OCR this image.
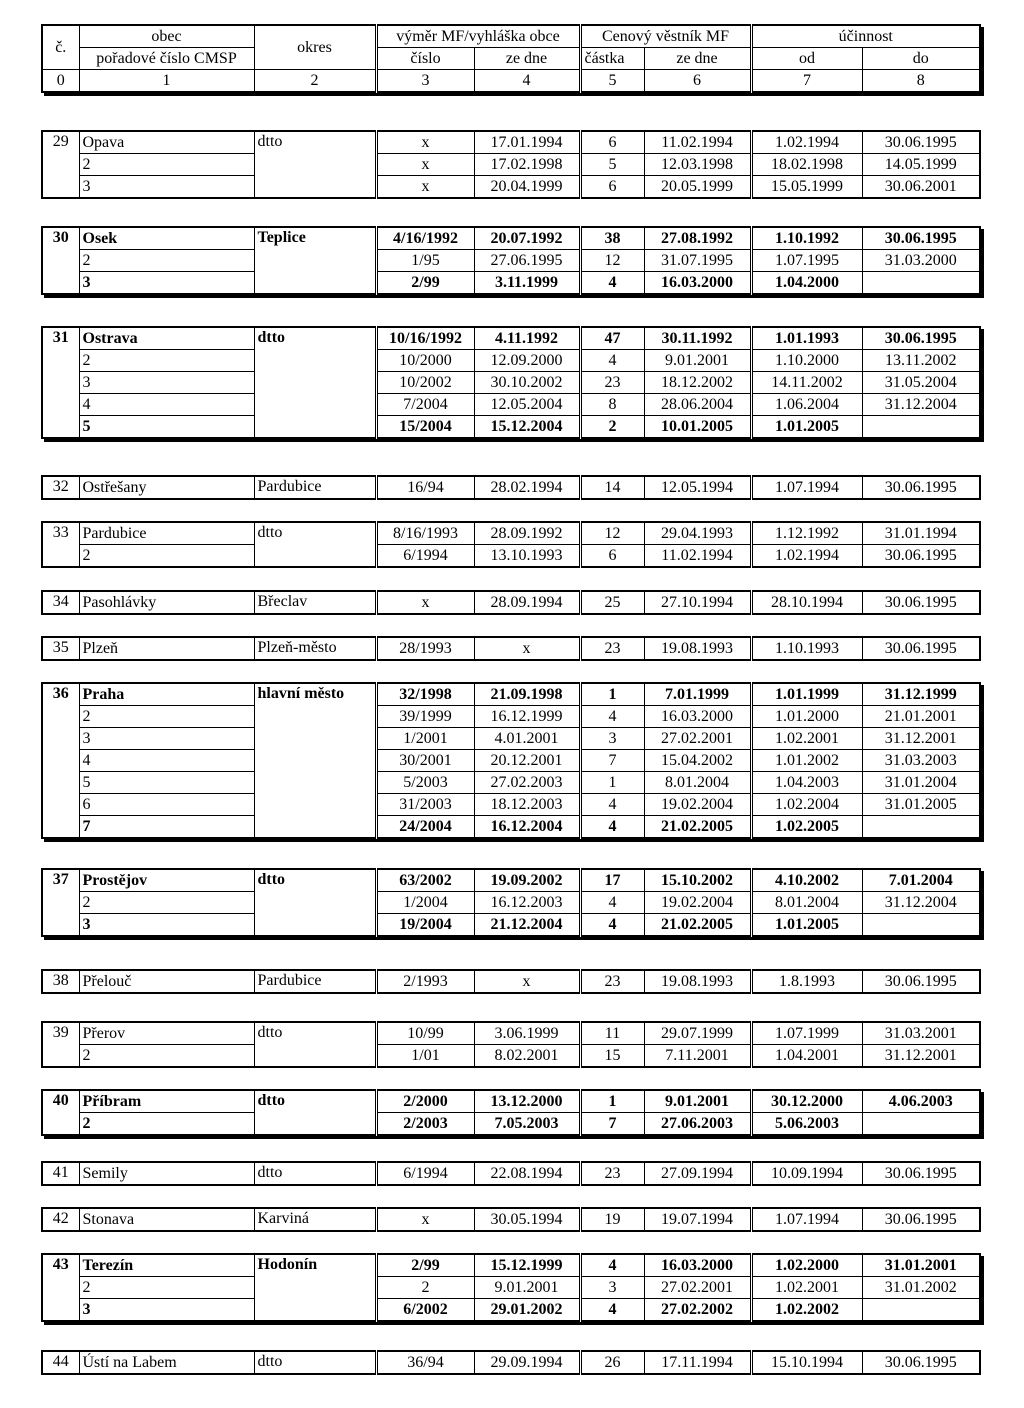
č.	obec	okres	výměr MF/vyhláška obce		Cenový věstník MF		účinnost	
	pořadové číslo CMSP		číslo	ze dne	částka	ze dne	od	do
0	1	2	3	4	5	6	7	8
29	Opava	dtto	x	17.01.1994	6	11.02.1994	1.02.1994	30.06.1995
	2		x	17.02.1998	5	12.03.1998	18.02.1998	14.05.1999
	3		x	20.04.1999	6	20.05.1999	15.05.1999	30.06.2001
30	Osek	Teplice	4/16/1992	20.07.1992	38	27.08.1992	1.10.1992	30.06.1995
	2		1/95	27.06.1995	12	31.07.1995	1.07.1995	31.03.2000
	3		2/99	3.11.1999	4	16.03.2000	1.04.2000	
31	Ostrava	dtto	10/16/1992	4.11.1992	47	30.11.1992	1.01.1993	30.06.1995
	2		10/2000	12.09.2000	4	9.01.2001	1.10.2000	13.11.2002
	3		10/2002	30.10.2002	23	18.12.2002	14.11.2002	31.05.2004
	4		7/2004	12.05.2004	8	28.06.2004	1.06.2004	31.12.2004
	5		15/2004	15.12.2004	2	10.01.2005	1.01.2005	
32	Ostřešany	Pardubice	16/94	28.02.1994	14	12.05.1994	1.07.1994	30.06.1995
33	Pardubice	dtto	8/16/1993	28.09.1992	12	29.04.1993	1.12.1992	31.01.1994
	2		6/1994	13.10.1993	6	11.02.1994	1.02.1994	30.06.1995
34	Pasohlávky	Břeclav	x	28.09.1994	25	27.10.1994	28.10.1994	30.06.1995
35	Plzeň	Plzeň-město	28/1993	x	23	19.08.1993	1.10.1993	30.06.1995
36	Praha	hlavní město	32/1998	21.09.1998	1	7.01.1999	1.01.1999	31.12.1999
	2		39/1999	16.12.1999	4	16.03.2000	1.01.2000	21.01.2001
	3		1/2001	4.01.2001	3	27.02.2001	1.02.2001	31.12.2001
	4		30/2001	20.12.2001	7	15.04.2002	1.01.2002	31.03.2003
	5		5/2003	27.02.2003	1	8.01.2004	1.04.2003	31.01.2004
	6		31/2003	18.12.2003	4	19.02.2004	1.02.2004	31.01.2005
	7		24/2004	16.12.2004	4	21.02.2005	1.02.2005	
37	Prostějov	dtto	63/2002	19.09.2002	17	15.10.2002	4.10.2002	7.01.2004
	2		1/2004	16.12.2003	4	19.02.2004	8.01.2004	31.12.2004
	3		19/2004	21.12.2004	4	21.02.2005	1.01.2005	
38	Přelouč	Pardubice	2/1993	x	23	19.08.1993	1.8.1993	30.06.1995
39	Přerov	dtto	10/99	3.06.1999	11	29.07.1999	1.07.1999	31.03.2001
	2		1/01	8.02.2001	15	7.11.2001	1.04.2001	31.12.2001
40	Příbram	dtto	2/2000	13.12.2000	1	9.01.2001	30.12.2000	4.06.2003
	2		2/2003	7.05.2003	7	27.06.2003	5.06.2003	
41	Semily	dtto	6/1994	22.08.1994	23	27.09.1994	10.09.1994	30.06.1995
42	Stonava	Karviná	x	30.05.1994	19	19.07.1994	1.07.1994	30.06.1995
43	Terezín	Hodonín	2/99	15.12.1999	4	16.03.2000	1.02.2000	31.01.2001
	2		2	9.01.2001	3	27.02.2001	1.02.2001	31.01.2002
	3		6/2002	29.01.2002	4	27.02.2002	1.02.2002	
44	Ústí na Labem	dtto	36/94	29.09.1994	26	17.11.1994	15.10.1994	30.06.1995
